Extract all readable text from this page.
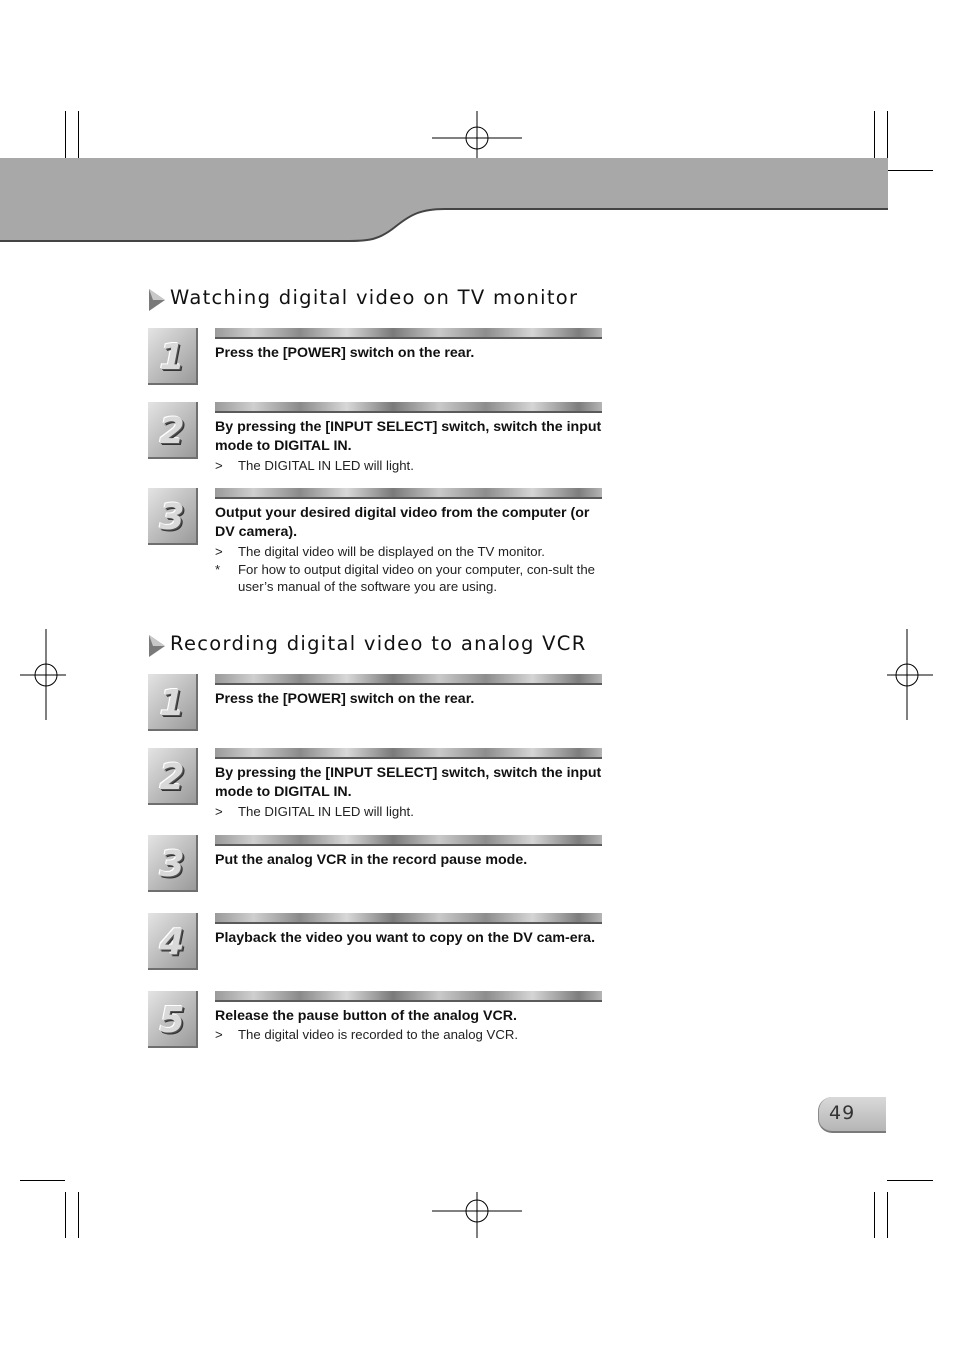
Watching digital video on TV monitor
1	Press the [POWER] switch on the rear.
2	By pressing the [INPUT SELECT] switch, switch the input mode to DIGITAL IN.
>	The DIGITAL IN LED will light.
3	Output your desired digital video from the computer (or DV camera).
>	The digital video will be displayed on the TV monitor.
*	For how to output digital video on your computer, con-sult the user’s manual of the software you are using.
Recording digital video to analog VCR
1	Press the [POWER] switch on the rear.
2	By pressing the [INPUT SELECT] switch, switch the input mode to DIGITAL IN.
>	The DIGITAL IN LED will light.
3	Put the analog VCR in the record pause mode.
4	Playback the video you want to copy on the DV cam-era.
5	Release the pause button of the analog VCR.
>	The digital video is recorded to the analog VCR.
49
